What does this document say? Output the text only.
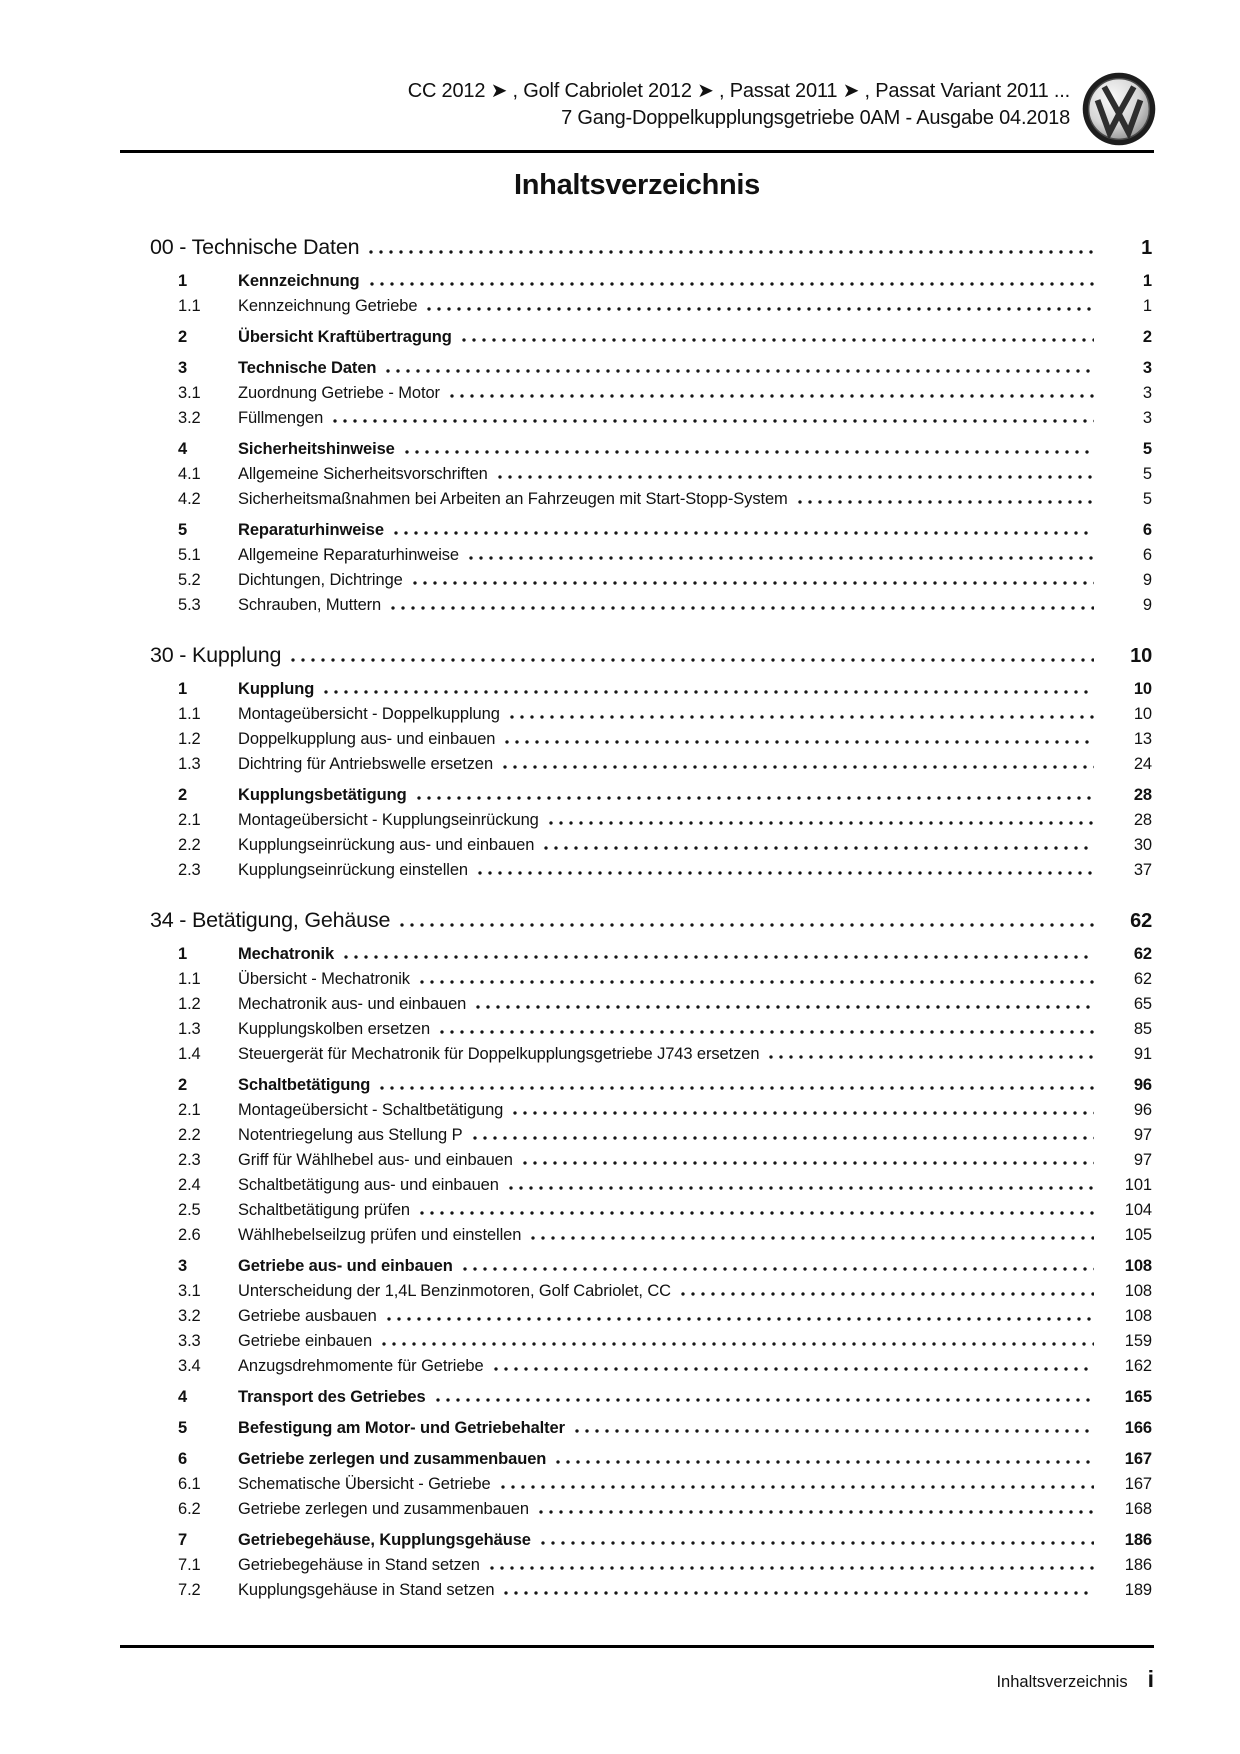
CC 2012 ➤ , Golf Cabriolet 2012 ➤ , Passat 2011 ➤ , Passat Variant 2011 ...
7 Gang-Doppelkupplungsgetriebe 0AM - Ausgabe 04.2018
Inhaltsverzeichnis
00 - Technische Daten	1
1	Kennzeichnung	1
1.1	Kennzeichnung Getriebe	1
2	Übersicht Kraftübertragung	2
3	Technische Daten	3
3.1	Zuordnung Getriebe - Motor	3
3.2	Füllmengen	3
4	Sicherheitshinweise	5
4.1	Allgemeine Sicherheitsvorschriften	5
4.2	Sicherheitsmaßnahmen bei Arbeiten an Fahrzeugen mit Start-Stopp-System	5
5	Reparaturhinweise	6
5.1	Allgemeine Reparaturhinweise	6
5.2	Dichtungen, Dichtringe	9
5.3	Schrauben, Muttern	9
30 - Kupplung	10
1	Kupplung	10
1.1	Montageübersicht - Doppelkupplung	10
1.2	Doppelkupplung aus- und einbauen	13
1.3	Dichtring für Antriebswelle ersetzen	24
2	Kupplungsbetätigung	28
2.1	Montageübersicht - Kupplungseinrückung	28
2.2	Kupplungseinrückung aus- und einbauen	30
2.3	Kupplungseinrückung einstellen	37
34 - Betätigung, Gehäuse	62
1	Mechatronik	62
1.1	Übersicht - Mechatronik	62
1.2	Mechatronik aus- und einbauen	65
1.3	Kupplungskolben ersetzen	85
1.4	Steuergerät für Mechatronik für Doppelkupplungsgetriebe J743 ersetzen	91
2	Schaltbetätigung	96
2.1	Montageübersicht - Schaltbetätigung	96
2.2	Notentriegelung aus Stellung P	97
2.3	Griff für Wählhebel aus- und einbauen	97
2.4	Schaltbetätigung aus- und einbauen	101
2.5	Schaltbetätigung prüfen	104
2.6	Wählhebelseilzug prüfen und einstellen	105
3	Getriebe aus- und einbauen	108
3.1	Unterscheidung der 1,4L Benzinmotoren, Golf Cabriolet, CC	108
3.2	Getriebe ausbauen	108
3.3	Getriebe einbauen	159
3.4	Anzugsdrehmomente für Getriebe	162
4	Transport des Getriebes	165
5	Befestigung am Motor- und Getriebehalter	166
6	Getriebe zerlegen und zusammenbauen	167
6.1	Schematische Übersicht - Getriebe	167
6.2	Getriebe zerlegen und zusammenbauen	168
7	Getriebegehäuse, Kupplungsgehäuse	186
7.1	Getriebegehäuse in Stand setzen	186
7.2	Kupplungsgehäuse in Stand setzen	189
Inhaltsverzeichnis i
